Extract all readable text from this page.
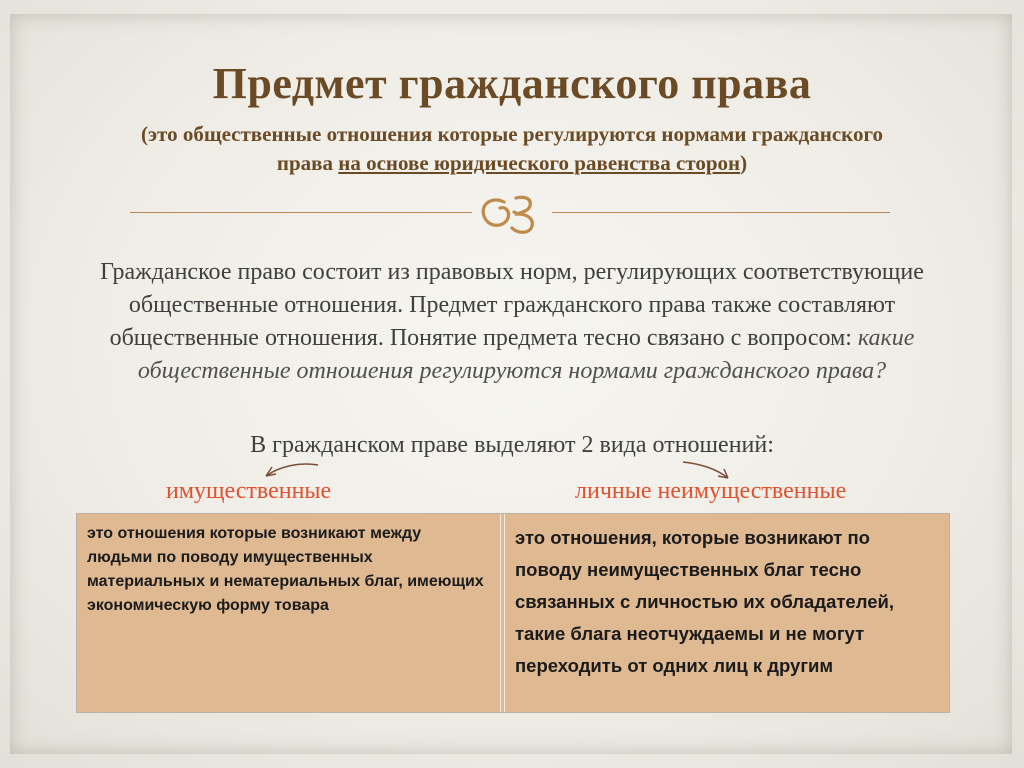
Предмет гражданского права
(это общественные отношения которые регулируются нормами гражданского права на основе юридического равенства сторон)
Гражданское право состоит из правовых норм, регулирующих соответствующие общественные отношения. Предмет гражданского права также составляют общественные отношения. Понятие предмета тесно связано с вопросом: какие общественные отношения регулируются нормами гражданского права?
В гражданском праве выделяют 2 вида отношений:
имущественные	личные неимущественные
это отношения которые возникают между людьми по поводу имущественных материальных и нематериальных благ, имеющих экономическую форму товара
это отношения, которые возникают по поводу неимущественных благ тесно связанных с личностью их обладателей, такие блага неотчуждаемы и не могут переходить от одних лиц к другим
